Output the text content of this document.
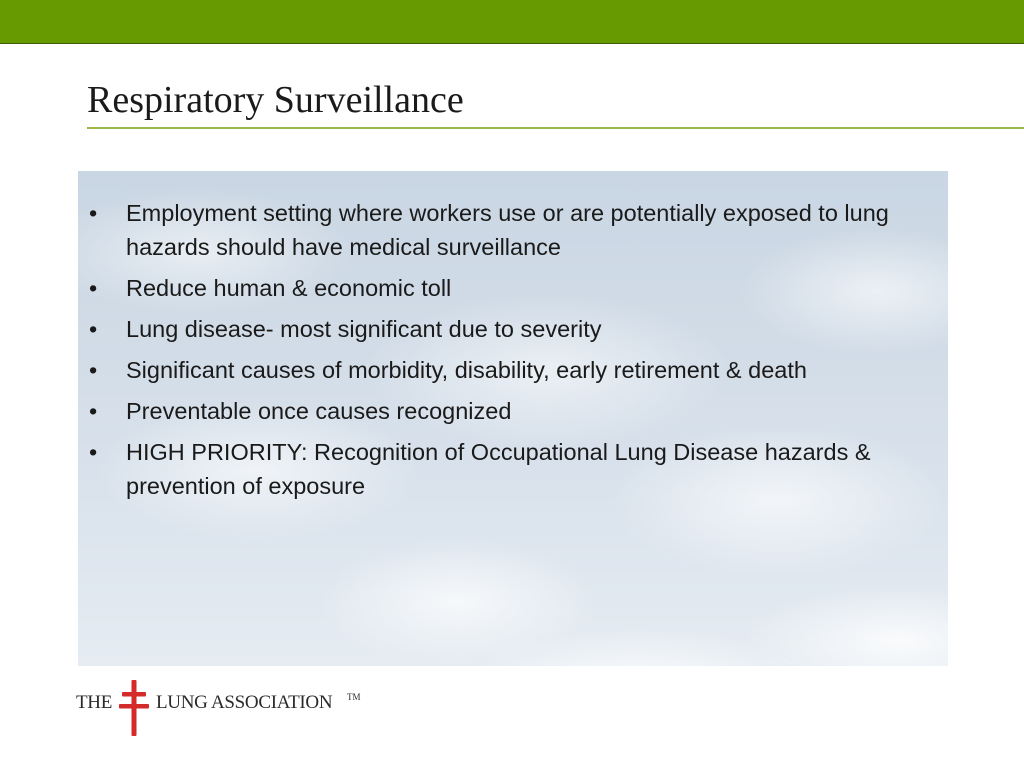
Respiratory Surveillance
• Employment setting where workers use or are potentially exposed to lung hazards should have medical surveillance
• Reduce human & economic toll
• Lung disease- most significant due to severity
• Significant causes of morbidity, disability, early retirement & death
• Preventable once causes recognized
• HIGH PRIORITY: Recognition of Occupational Lung Disease hazards & prevention of exposure
THE LUNG ASSOCIATION TM
